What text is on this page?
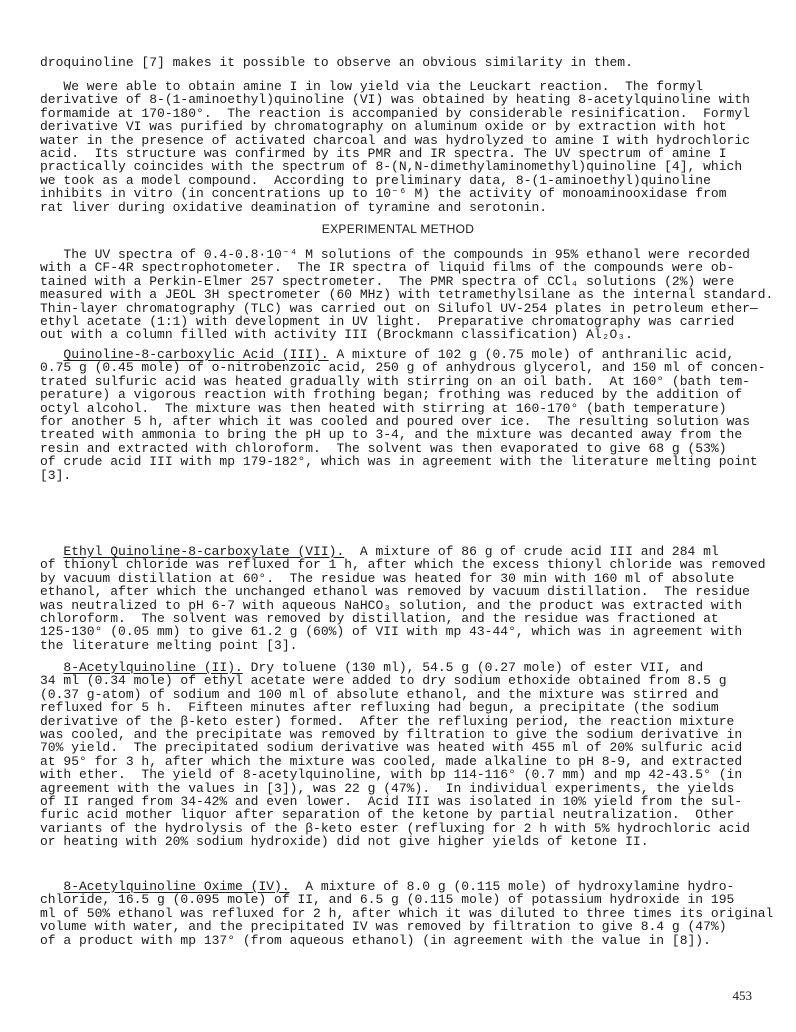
droquinoline [7] makes it possible to observe an obvious similarity in them.
We were able to obtain amine I in low yield via the Leuckart reaction.  The formyl
derivative of 8-(1-aminoethyl)quinoline (VI) was obtained by heating 8-acetylquinoline with
formamide at 170-180°.  The reaction is accompanied by considerable resinification.  Formyl
derivative VI was purified by chromatography on aluminum oxide or by extraction with hot
water in the presence of activated charcoal and was hydrolyzed to amine I with hydrochloric
acid.  Its structure was confirmed by its PMR and IR spectra. The UV spectrum of amine I
practically coincides with the spectrum of 8-(N,N-dimethylaminomethyl)quinoline [4], which
we took as a model compound.  According to preliminary data, 8-(1-aminoethyl)quinoline
inhibits in vitro (in concentrations up to 10⁻⁶ M) the activity of monoaminooxidase from
rat liver during oxidative deamination of tyramine and serotonin.
EXPERIMENTAL METHOD
The UV spectra of 0.4-0.8·10⁻⁴ M solutions of the compounds in 95% ethanol were recorded
with a CF-4R spectrophotometer.  The IR spectra of liquid films of the compounds were ob-
tained with a Perkin-Elmer 257 spectrometer.  The PMR spectra of CCl₄ solutions (2%) were
measured with a JEOL 3H spectrometer (60 MHz) with tetramethylsilane as the internal standard.
Thin-layer chromatography (TLC) was carried out on Silufol UV-254 plates in petroleum ether—
ethyl acetate (1:1) with development in UV light.  Preparative chromatography was carried
out with a column filled with activity III (Brockmann classification) Al₂O₃.
Quinoline-8-carboxylic Acid (III). A mixture of 102 g (0.75 mole) of anthranilic acid,
0.75 g (0.45 mole) of o-nitrobenzoic acid, 250 g of anhydrous glycerol, and 150 ml of concen-
trated sulfuric acid was heated gradually with stirring on an oil bath.  At 160° (bath tem-
perature) a vigorous reaction with frothing began; frothing was reduced by the addition of
octyl alcohol.  The mixture was then heated with stirring at 160-170° (bath temperature)
for another 5 h, after which it was cooled and poured over ice.  The resulting solution was
treated with ammonia to bring the pH up to 3-4, and the mixture was decanted away from the
resin and extracted with chloroform.  The solvent was then evaporated to give 68 g (53%)
of crude acid III with mp 179-182°, which was in agreement with the literature melting point
[3].
Ethyl Quinoline-8-carboxylate (VII).  A mixture of 86 g of crude acid III and 284 ml
of thionyl chloride was refluxed for 1 h, after which the excess thionyl chloride was removed
by vacuum distillation at 60°.  The residue was heated for 30 min with 160 ml of absolute
ethanol, after which the unchanged ethanol was removed by vacuum distillation.  The residue
was neutralized to pH 6-7 with aqueous NaHCO₃ solution, and the product was extracted with
chloroform.  The solvent was removed by distillation, and the residue was fractioned at
125-130° (0.05 mm) to give 61.2 g (60%) of VII with mp 43-44°, which was in agreement with
the literature melting point [3].
8-Acetylquinoline (II). Dry toluene (130 ml), 54.5 g (0.27 mole) of ester VII, and
34 ml (0.34 mole) of ethyl acetate were added to dry sodium ethoxide obtained from 8.5 g
(0.37 g-atom) of sodium and 100 ml of absolute ethanol, and the mixture was stirred and
refluxed for 5 h.  Fifteen minutes after refluxing had begun, a precipitate (the sodium
derivative of the β-keto ester) formed.  After the refluxing period, the reaction mixture
was cooled, and the precipitate was removed by filtration to give the sodium derivative in
70% yield.  The precipitated sodium derivative was heated with 455 ml of 20% sulfuric acid
at 95° for 3 h, after which the mixture was cooled, made alkaline to pH 8-9, and extracted
with ether.  The yield of 8-acetylquinoline, with bp 114-116° (0.7 mm) and mp 42-43.5° (in
agreement with the values in [3]), was 22 g (47%).  In individual experiments, the yields
of II ranged from 34-42% and even lower.  Acid III was isolated in 10% yield from the sul-
furic acid mother liquor after separation of the ketone by partial neutralization.  Other
variants of the hydrolysis of the β-keto ester (refluxing for 2 h with 5% hydrochloric acid
or heating with 20% sodium hydroxide) did not give higher yields of ketone II.
8-Acetylquinoline Oxime (IV).  A mixture of 8.0 g (0.115 mole) of hydroxylamine hydro-
chloride, 16.5 g (0.095 mole) of II, and 6.5 g (0.115 mole) of potassium hydroxide in 195
ml of 50% ethanol was refluxed for 2 h, after which it was diluted to three times its original
volume with water, and the precipitated IV was removed by filtration to give 8.4 g (47%)
of a product with mp 137° (from aqueous ethanol) (in agreement with the value in [8]).
453
